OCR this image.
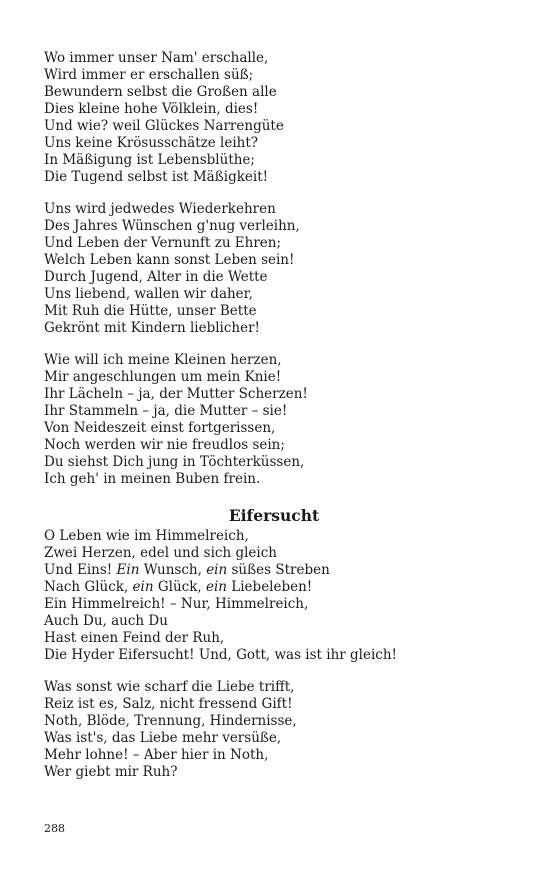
Wo immer unser Nam' erschalle,
Wird immer er erschallen süß;
Bewundern selbst die Großen alle
Dies kleine hohe Völklein, dies!
Und wie? weil Glückes Narrengüte
Uns keine Krösusschätze leiht?
In Mäßigung ist Lebensblüthe;
Die Tugend selbst ist Mäßigkeit!
Uns wird jedwedes Wiederkehren
Des Jahres Wünschen g'nug verleihn,
Und Leben der Vernunft zu Ehren;
Welch Leben kann sonst Leben sein!
Durch Jugend, Alter in die Wette
Uns liebend, wallen wir daher,
Mit Ruh die Hütte, unser Bette
Gekrönt mit Kindern lieblicher!
Wie will ich meine Kleinen herzen,
Mir angeschlungen um mein Knie!
Ihr Lächeln – ja, der Mutter Scherzen!
Ihr Stammeln – ja, die Mutter – sie!
Von Neideszeit einst fortgerissen,
Noch werden wir nie freudlos sein;
Du siehst Dich jung in Töchterküssen,
Ich geh' in meinen Buben frein.
Eifersucht
O Leben wie im Himmelreich,
Zwei Herzen, edel und sich gleich
Und Eins! Ein Wunsch, ein süßes Streben
Nach Glück, ein Glück, ein Liebeleben!
Ein Himmelreich! – Nur, Himmelreich,
Auch Du, auch Du
Hast einen Feind der Ruh,
Die Hyder Eifersucht! Und, Gott, was ist ihr gleich!
Was sonst wie scharf die Liebe trifft,
Reiz ist es, Salz, nicht fressend Gift!
Noth, Blöde, Trennung, Hindernisse,
Was ist's, das Liebe mehr versüße,
Mehr lohne! – Aber hier in Noth,
Wer giebt mir Ruh?
288
